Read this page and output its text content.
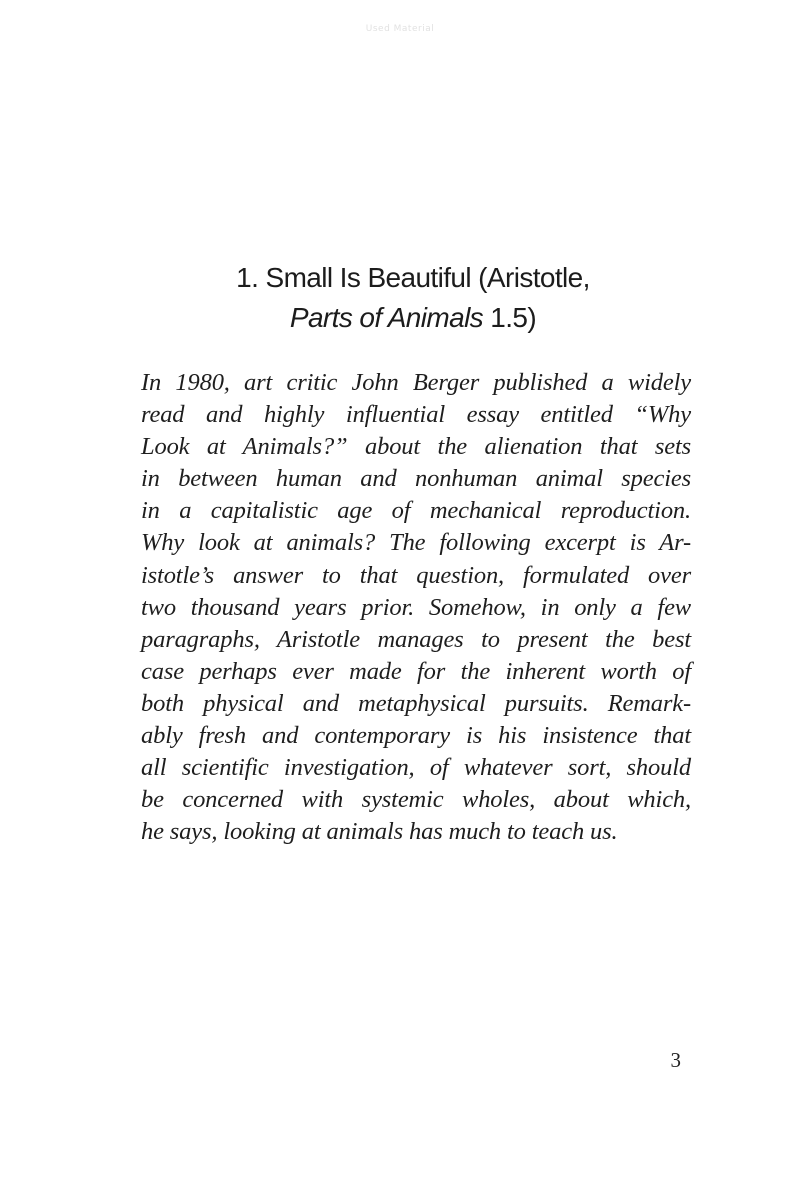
Used Material
1. Small Is Beautiful (Aristotle,
Parts of Animals 1.5)
In 1980, art critic John Berger published a widely
read and highly influential essay entitled “Why
Look at Animals?” about the alienation that sets
in between human and nonhuman animal species
in a capitalistic age of mechanical reproduction.
Why look at animals? The following excerpt is Ar-
istotle’s answer to that question, formulated over
two thousand years prior. Somehow, in only a few
paragraphs, Aristotle manages to present the best
case perhaps ever made for the inherent worth of
both physical and metaphysical pursuits. Remark-
ably fresh and contemporary is his insistence that
all scientific investigation, of whatever sort, should
be concerned with systemic wholes, about which,
he says, looking at animals has much to teach us.
3
